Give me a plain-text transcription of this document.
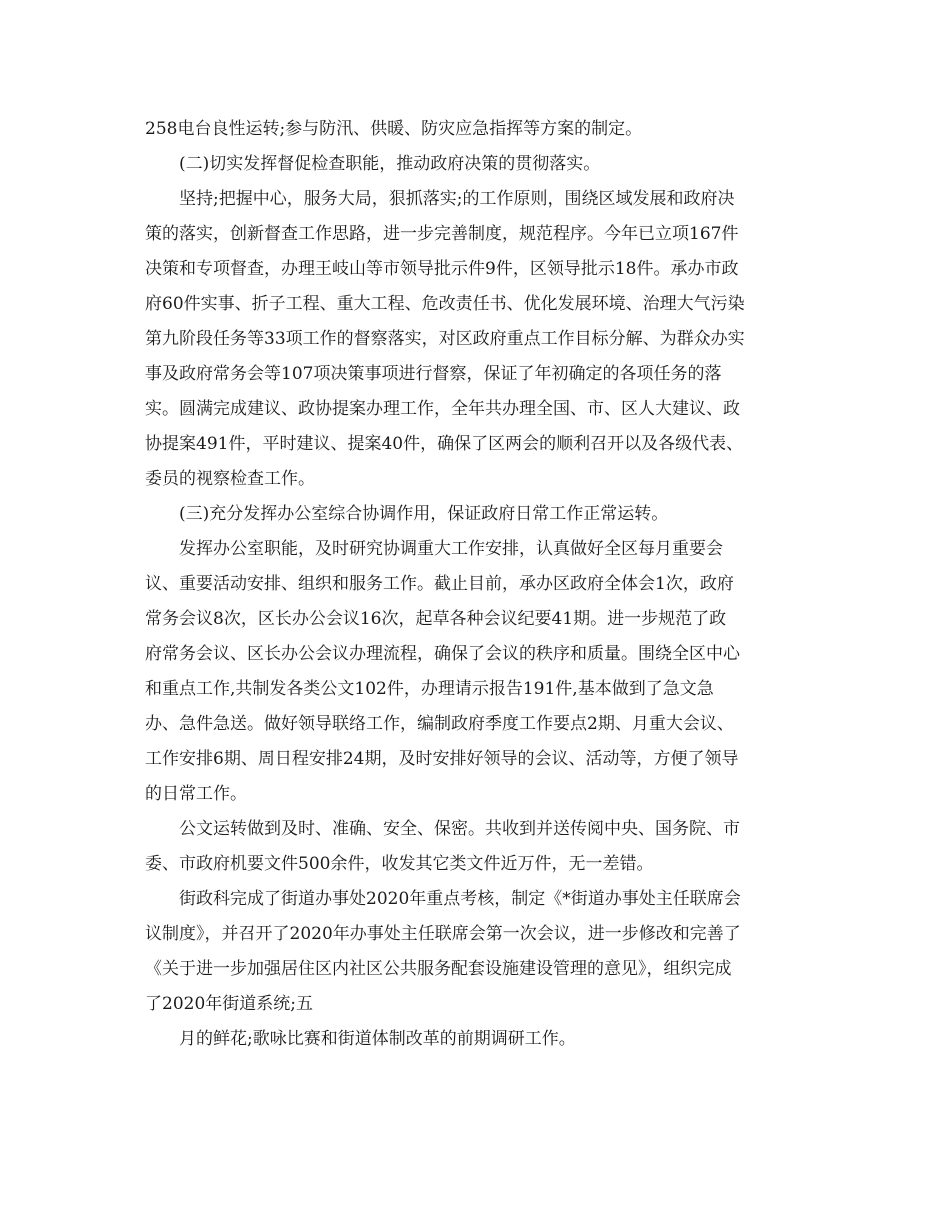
258电台良性运转;参与防汛、供暖、防灾应急指挥等方案的制定。

(二)切实发挥督促检查职能，推动政府决策的贯彻落实。

坚持;把握中心，服务大局，狠抓落实;的工作原则，围绕区域发展和政府决
策的落实，创新督查工作思路，进一步完善制度，规范程序。今年已立项167件
决策和专项督查，办理王岐山等市领导批示件9件，区领导批示18件。承办市政
府60件实事、折子工程、重大工程、危改责任书、优化发展环境、治理大气污染
第九阶段任务等33项工作的督察落实，对区政府重点工作目标分解、为群众办实
事及政府常务会等107项决策事项进行督察，保证了年初确定的各项任务的落
实。圆满完成建议、政协提案办理工作，全年共办理全国、市、区人大建议、政
协提案491件，平时建议、提案40件，确保了区两会的顺利召开以及各级代表、
委员的视察检查工作。

(三)充分发挥办公室综合协调作用，保证政府日常工作正常运转。

发挥办公室职能，及时研究协调重大工作安排，认真做好全区每月重要会
议、重要活动安排、组织和服务工作。截止目前，承办区政府全体会1次，政府
常务会议8次，区长办公会议16次，起草各种会议纪要41期。进一步规范了政
府常务会议、区长办公会议办理流程，确保了会议的秩序和质量。围绕全区中心
和重点工作,共制发各类公文102件，办理请示报告191件,基本做到了急文急
办、急件急送。做好领导联络工作，编制政府季度工作要点2期、月重大会议、
工作安排6期、周日程安排24期，及时安排好领导的会议、活动等，方便了领导
的日常工作。

公文运转做到及时、准确、安全、保密。共收到并送传阅中央、国务院、市
委、市政府机要文件500余件，收发其它类文件近万件，无一差错。

街政科完成了街道办事处2020年重点考核，制定《*街道办事处主任联席会
议制度》，并召开了2020年办事处主任联席会第一次会议，进一步修改和完善了
《关于进一步加强居住区内社区公共服务配套设施建设管理的意见》，组织完成
了2020年街道系统;五

月的鲜花;歌咏比赛和街道体制改革的前期调研工作。
